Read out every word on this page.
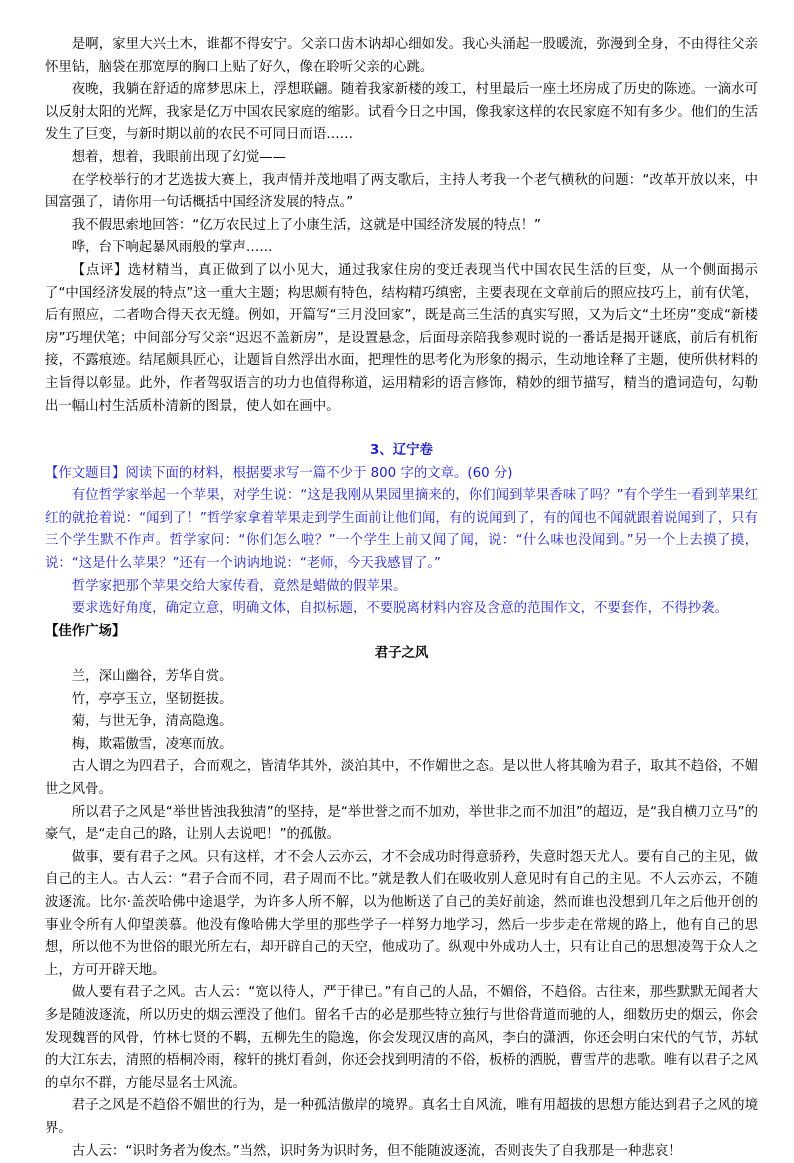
是啊，家里大兴土木，谁都不得安宁。父亲口齿木讷却心细如发。我心头涌起一股暖流，弥漫到全身，不由得往父亲怀里钻，脑袋在那宽厚的胸口上贴了好久，像在聆听父亲的心跳。

夜晚，我躺在舒适的席梦思床上，浮想联翩。随着我家新楼的竣工，村里最后一座土坯房成了历史的陈迹。一滴水可以反射太阳的光辉，我家是亿万中国农民家庭的缩影。试看今日之中国，像我家这样的农民家庭不知有多少。他们的生活发生了巨变，与新时期以前的农民不可同日而语……

想着，想着，我眼前出现了幻觉——

在学校举行的才艺选拔大赛上，我声情并茂地唱了两支歌后，主持人考我一个老气横秋的问题：“改革开放以来，中国富强了，请你用一句话概括中国经济发展的特点。”

我不假思索地回答：“亿万农民过上了小康生活，这就是中国经济发展的特点！”

哗，台下响起暴风雨般的掌声……

【点评】选材精当，真正做到了以小见大，通过我家住房的变迁表现当代中国农民生活的巨变，从一个侧面揭示了“中国经济发展的特点”这一重大主题；构思颇有特色，结构精巧缜密，主要表现在文章前后的照应技巧上，前有伏笔，后有照应，二者吻合得天衣无缝。例如，开篇写“三月没回家”，既是高三生活的真实写照，又为后文“土坯房”变成“新楼房”巧埋伏笔；中间部分写父亲“迟迟不盖新房”，是设置悬念，后面母亲陪我参观时说的一番话是揭开谜底，前后有机衔接，不露痕迹。结尾颇具匠心，让题旨自然浮出水面，把理性的思考化为形象的揭示，生动地诠释了主题，使所供材料的主旨得以彰显。此外，作者驾驭语言的功力也值得称道，运用精彩的语言修饰，精妙的细节描写，精当的遣词造句，勾勒出一幅山村生活质朴清新的图景，使人如在画中。

3、辽宁卷

【作文题目】阅读下面的材料，根据要求写一篇不少于 800 字的文章。(60 分)

有位哲学家举起一个苹果，对学生说：“这是我刚从果园里摘来的，你们闻到苹果香味了吗？”有个学生一看到苹果红红的就抢着说：“闻到了！”哲学家拿着苹果走到学生面前让他们闻，有的说闻到了，有的闻也不闻就跟着说闻到了，只有三个学生默不作声。哲学家问：“你们怎么啦？”一个学生上前又闻了闻，说：“什么味也没闻到。”另一个上去摸了摸，说：“这是什么苹果？”还有一个讷讷地说：“老师，今天我感冒了。”

哲学家把那个苹果交给大家传看，竟然是蜡做的假苹果。

要求选好角度，确定立意，明确文体，自拟标题，不要脱离材料内容及含意的范围作文，不要套作，不得抄袭。

【佳作广场】

君子之风

兰，深山幽谷，芳华自赏。

竹，亭亭玉立，坚韧挺拔。

菊，与世无争，清高隐逸。

梅，欺霜傲雪，凌寒而放。

古人谓之为四君子，合而观之，皆清华其外，淡泊其中，不作媚世之态。是以世人将其喻为君子，取其不趋俗，不媚世之风骨。

所以君子之风是“举世皆浊我独清”的坚持，是“举世誉之而不加劝，举世非之而不加沮”的超迈，是“我自横刀立马”的豪气，是“走自己的路，让别人去说吧！”的孤傲。

做事，要有君子之风。只有这样，才不会人云亦云，才不会成功时得意骄矜，失意时怨天尤人。要有自己的主见，做自己的主人。古人云：“君子合而不同，君子周而不比。”就是教人们在吸收别人意见时有自己的主见。不人云亦云，不随波逐流。比尔·盖茨哈佛中途退学，为许多人所不解，以为他断送了自己的美好前途，然而谁也没想到几年之后他开创的事业令所有人仰望羡慕。他没有像哈佛大学里的那些学子一样努力地学习，然后一步步走在常规的路上，他有自己的思想，所以他不为世俗的眼光所左右，却开辟自己的天空，他成功了。纵观中外成功人士，只有让自己的思想凌驾于众人之上，方可开辟天地。

做人要有君子之风。古人云：“宽以待人，严于律已。”有自己的人品，不媚俗，不趋俗。古往来，那些默默无闻者大多是随波逐流，所以历史的烟云湮没了他们。留名千古的必是那些特立独行与世俗背道而驰的人，细数历史的烟云，你会发现魏晋的风骨，竹林七贤的不羁，五柳先生的隐逸，你会发现汉唐的高风，李白的潇洒，你还会明白宋代的气节，苏轼的大江东去，清照的梧桐冷雨，稼轩的挑灯看剑，你还会找到明清的不俗，板桥的洒脱，曹雪芹的悲歌。唯有以君子之风的卓尔不群，方能尽显名士风流。

君子之风是不趋俗不媚世的行为，是一种孤洁傲岸的境界。真名士自风流，唯有用超拔的思想方能达到君子之风的境界。

古人云：“识时务者为俊杰。”当然，识时务为识时务，但不能随波逐流，否则丧失了自我那是一种悲哀！
